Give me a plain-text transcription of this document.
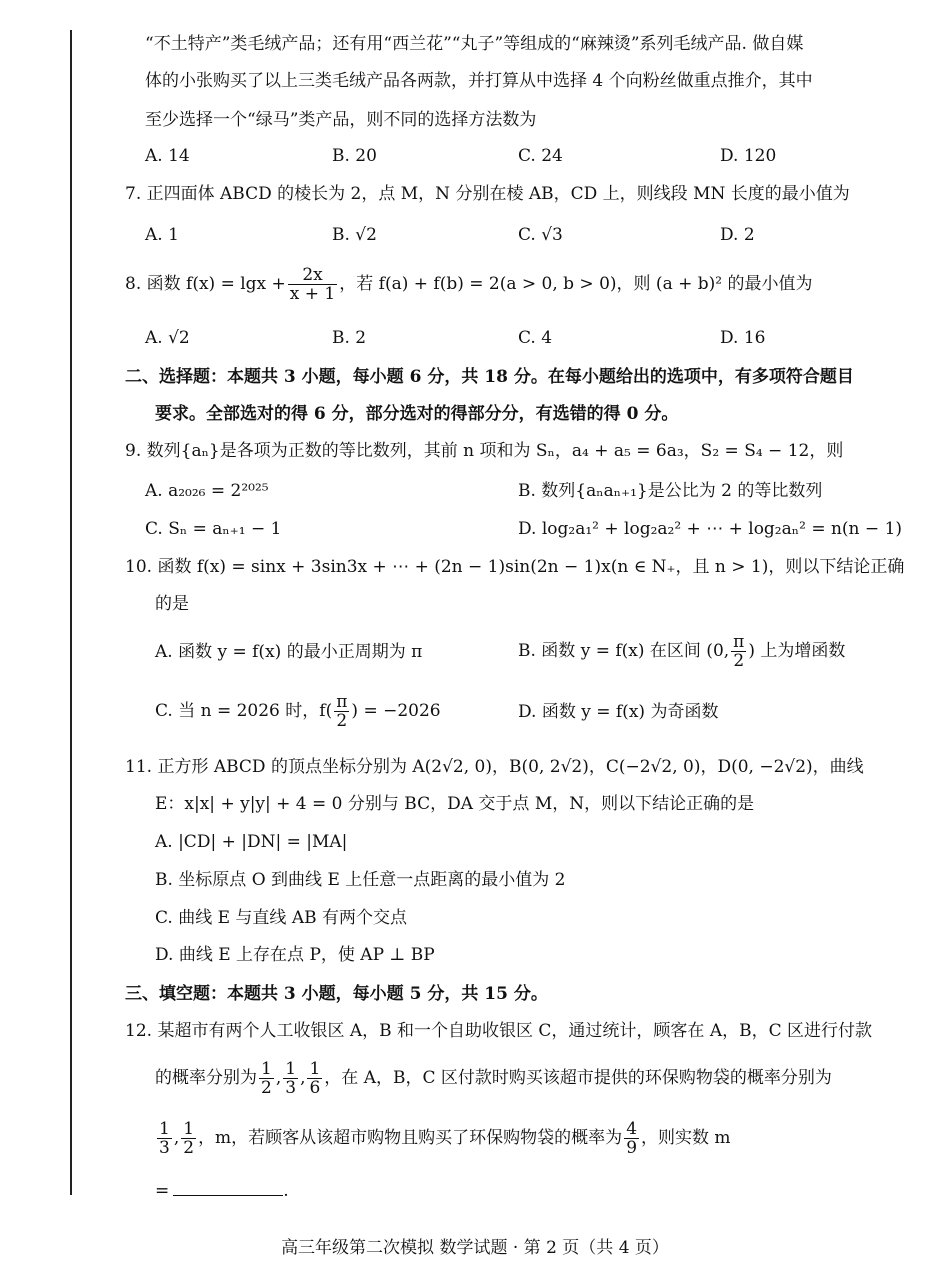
“不土特产”类毛绒产品；还有用“西兰花”“丸子”等组成的“麻辣烫”系列毛绒产品. 做自媒
体的小张购买了以上三类毛绒产品各两款，并打算从中选择 4 个向粉丝做重点推介，其中
至少选择一个“绿马”类产品，则不同的选择方法数为
A. 14	B. 20	C. 24	D. 120
7. 正四面体 ABCD 的棱长为 2，点 M，N 分别在棱 AB，CD 上，则线段 MN 长度的最小值为
A. 1	B. √2	C. √3	D. 2
8. 函数 $f(x) = \lg x + \frac{2x}{x + 1}$ ，若 f(a) + f(b) = 2(a > 0, b > 0)，则 (a + b)² 的最小值为
A. √2	B. 2	C. 4	D. 16
二、选择题：本题共 3 小题，每小题 6 分，共 18 分。在每小题给出的选项中，有多项符合题目
要求。全部选对的得 6 分，部分选对的得部分分，有选错的得 0 分。
9. 数列{aₙ}是各项为正数的等比数列，其前 n 项和为 Sₙ，a₄ + a₅ = 6a₃，S₂ = S₄ − 12，则
A. a₂₀₂₆ = 2²⁰²⁵	B. 数列{aₙaₙ₊₁}是公比为 2 的等比数列
C. Sₙ = aₙ₊₁ − 1	D. log₂a₁² + log₂a₂² + ⋯ + log₂aₙ² = n(n − 1)
10. 函数 f(x) = sinx + 3sin3x + ⋯ + (2n − 1)sin(2n − 1)x(n ∈ N₊，且 n > 1)，则以下结论正确
的是
A. 函数 y = f(x) 的最小正周期为 π	B. 函数 y = f(x) 在区间 (0, $\frac{\pi}{2}$ ) 上为增函数
C. 当 n = 2026 时，$f( \frac{\pi}{2}$ ) = −2026	D. 函数 y = f(x) 为奇函数
11. 正方形 ABCD 的顶点坐标分别为 A(2√2, 0)，B(0, 2√2)，C(−2√2, 0)，D(0, −2√2)，曲线
E：x|x| + y|y| + 4 = 0 分别与 BC，DA 交于点 M，N，则以下结论正确的是
A. |CD| + |DN| = |MA|
B. 坐标原点 O 到曲线 E 上任意一点距离的最小值为 2
C. 曲线 E 与直线 AB 有两个交点
D. 曲线 E 上存在点 P，使 AP ⊥ BP
三、填空题：本题共 3 小题，每小题 5 分，共 15 分。
12. 某超市有两个人工收银区 A，B 和一个自助收银区 C，通过统计，顾客在 A，B，C 区进行付款
的概率分别为 $\frac{1}{2}$ , $\frac{1}{3}$ , $\frac{1}{6}$ ，在 A，B，C 区付款时购买该超市提供的环保购物袋的概率分别为
$\frac{1}{3}$ , $\frac{1}{2}$ ，m，若顾客从该超市购物且购买了环保购物袋的概率为 $\frac{4}{9}$ ，则实数 m
=	.
高三年级第二次模拟 数学试题 · 第 2 页（共 4 页）
